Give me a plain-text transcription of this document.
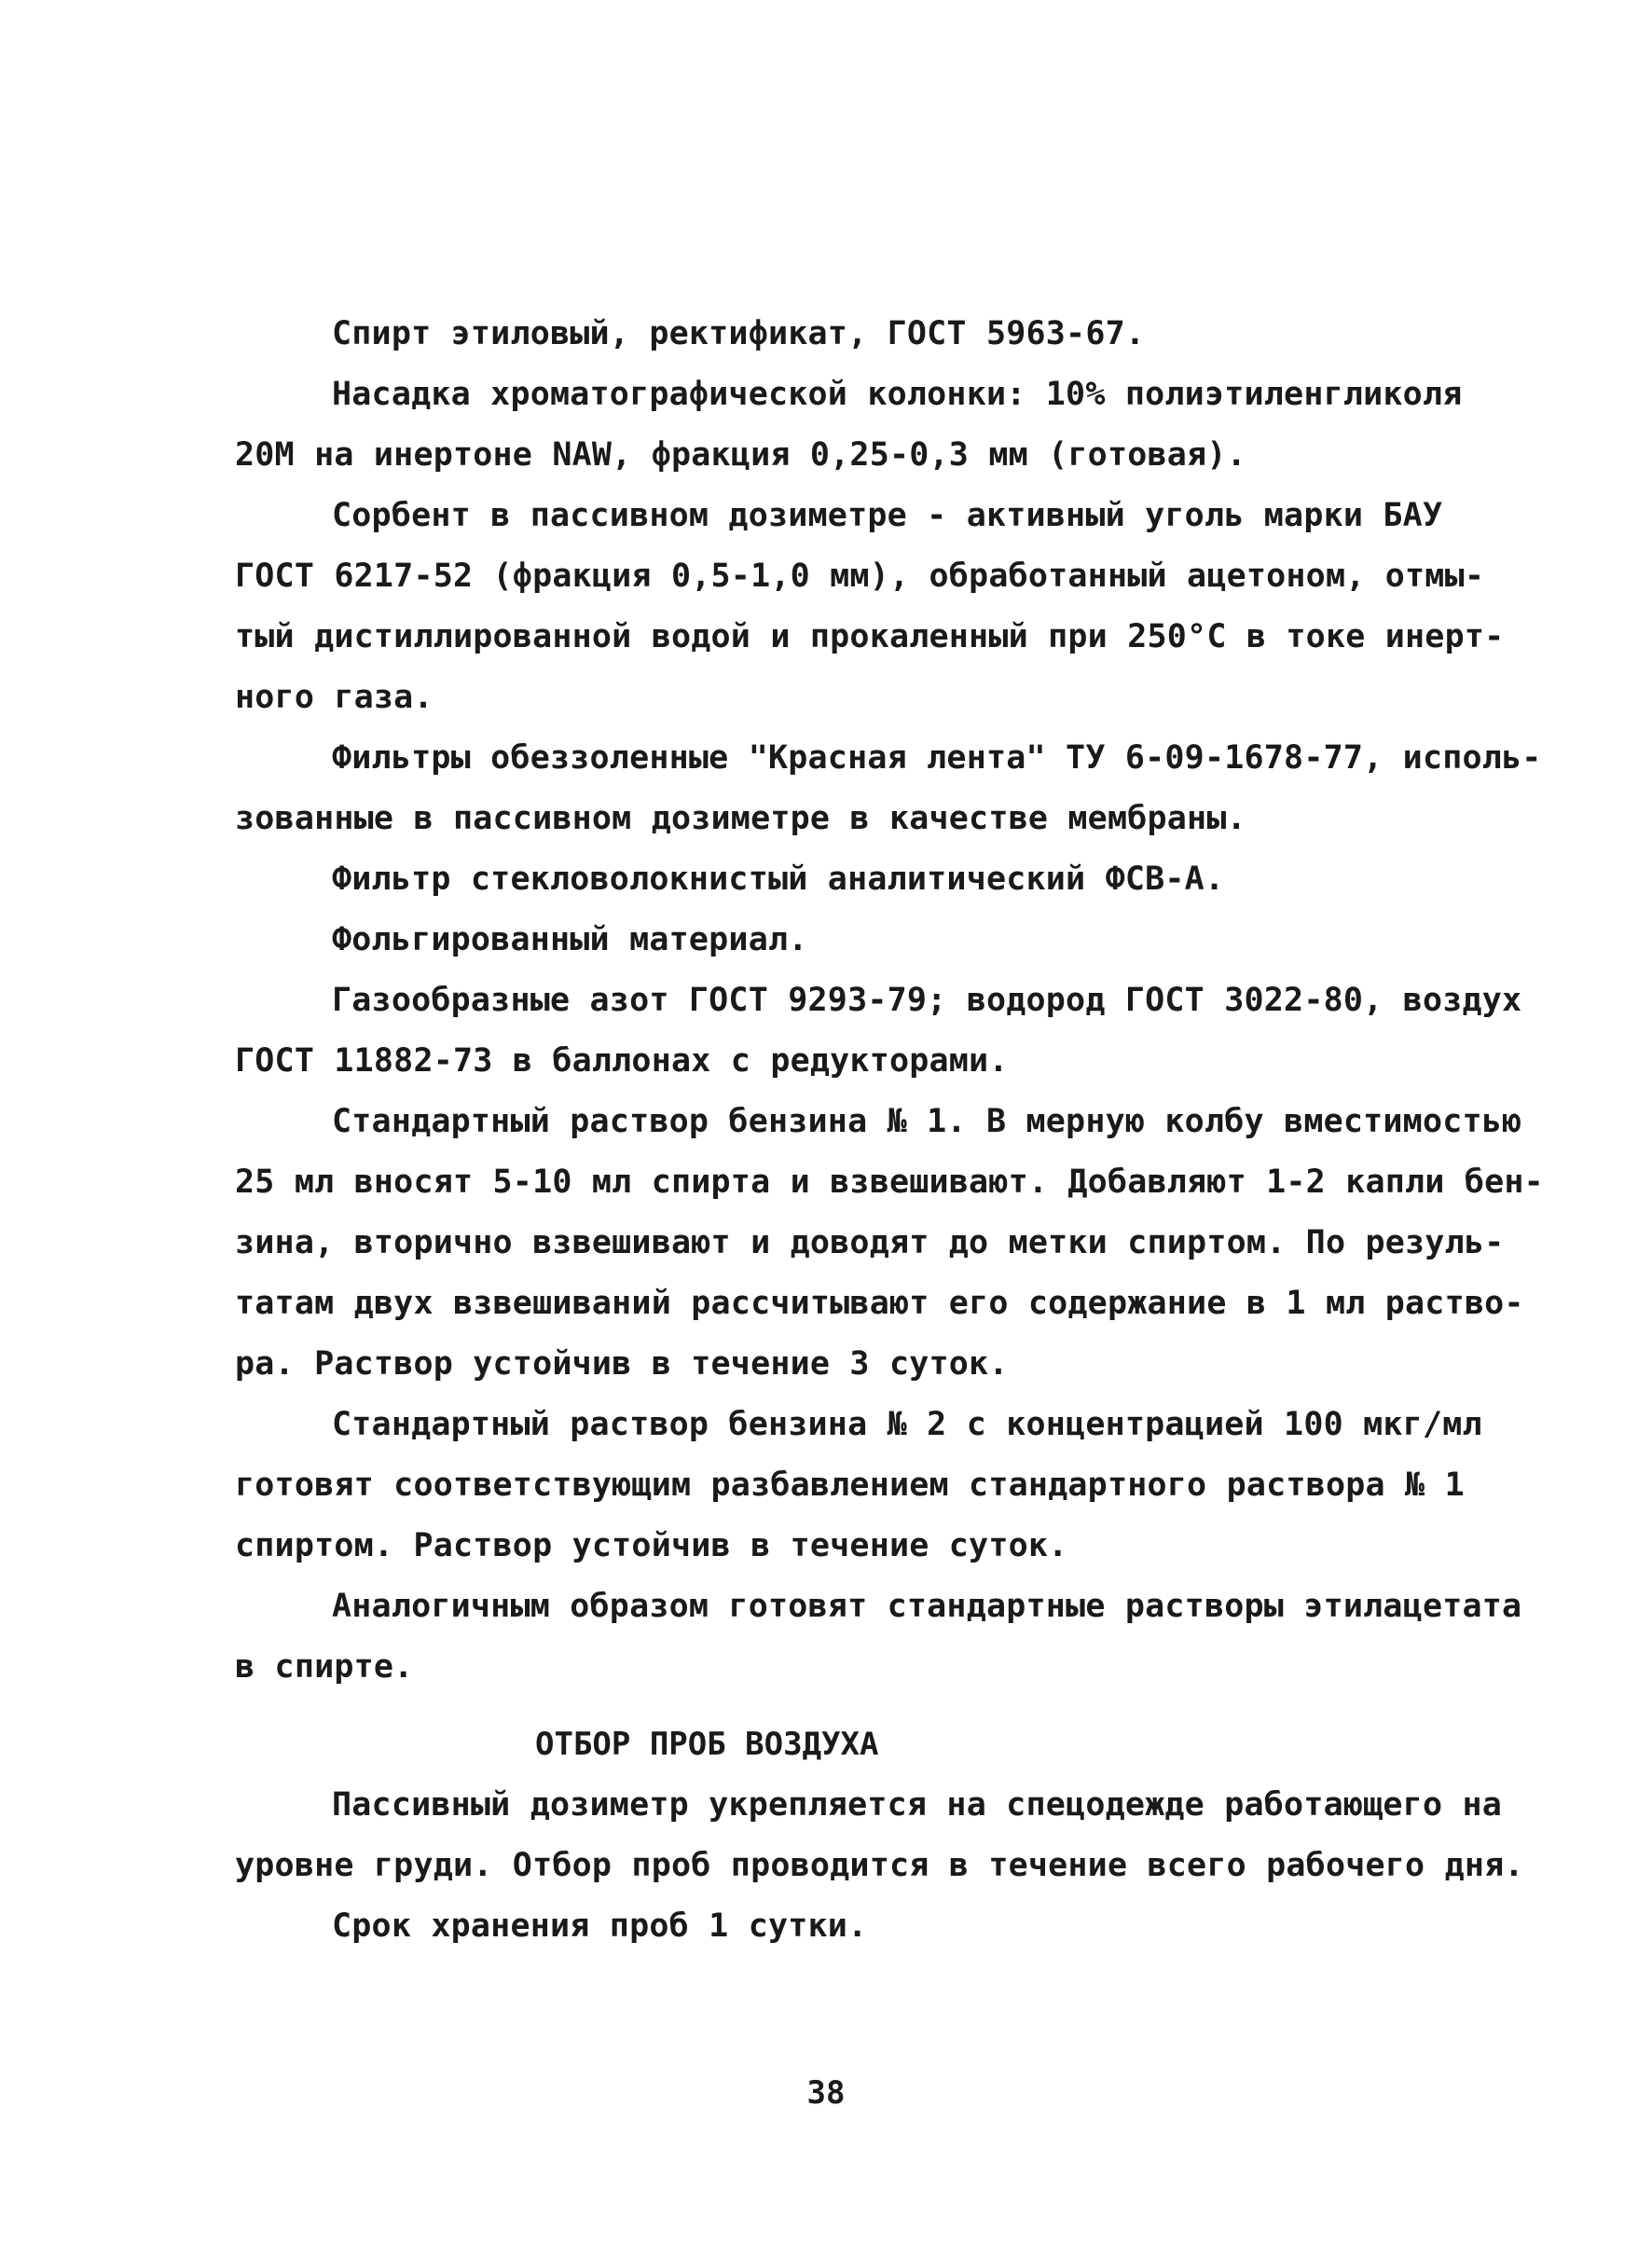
Спирт этиловый, ректификат, ГОСТ 5963-67.

Насадка хроматографической колонки: 10% полиэтиленгликоля

20М на инертоне NAW, фракция 0,25-0,3 мм (готовая).

Сорбент в пассивном дозиметре - активный уголь марки БАУ

ГОСТ 6217-52 (фракция 0,5-1,0 мм), обработанный ацетоном, отмы-

тый дистиллированной водой и прокаленный при 250°С в токе инерт-

ного газа.

Фильтры обеззоленные "Красная лента" ТУ 6-09-1678-77, исполь-

зованные в пассивном дозиметре в качестве мембраны.

Фильтр стекловолокнистый аналитический ФСВ-А.

Фольгированный материал.

Газообразные азот ГОСТ 9293-79; водород ГОСТ 3022-80, воздух

ГОСТ 11882-73 в баллонах с редукторами.

Стандартный раствор бензина № 1. В мерную колбу вместимостью

25 мл вносят 5-10 мл спирта и взвешивают. Добавляют 1-2 капли бен-

зина, вторично взвешивают и доводят до метки спиртом. По резуль-

татам двух взвешиваний рассчитывают его содержание в 1 мл раство-

ра. Раствор устойчив в течение 3 суток.

Стандартный раствор бензина № 2 с концентрацией 100 мкг/мл

готовят соответствующим разбавлением стандартного раствора № 1

спиртом. Раствор устойчив в течение суток.

Аналогичным образом готовят стандартные растворы этилацетата

в спирте.

ОТБОР ПРОБ ВОЗДУХА

Пассивный дозиметр укрепляется на спецодежде работающего на

уровне груди. Отбор проб проводится в течение всего рабочего дня.

Срок хранения проб 1 сутки.

38
